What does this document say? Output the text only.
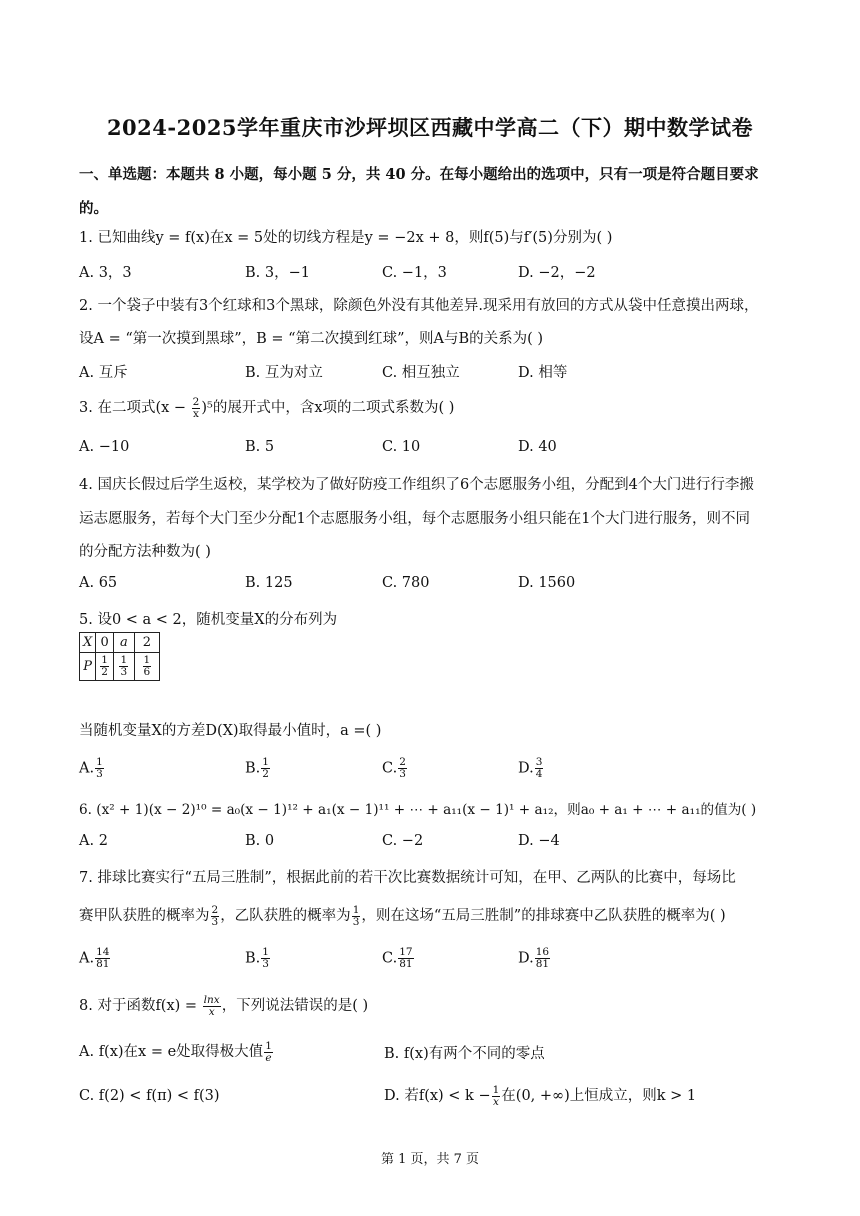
2024-2025学年重庆市沙坪坝区西藏中学高二（下）期中数学试卷
一、单选题：本题共 8 小题，每小题 5 分，共 40 分。在每小题给出的选项中，只有一项是符合题目要求的。
1. 已知曲线y = f(x)在x = 5处的切线方程是y = −2x + 8，则f(5)与f′(5)分别为( )
A. 3，3	B. 3，−1	C. −1，3	D. −2，−2
2. 一个袋子中装有3个红球和3个黑球，除颜色外没有其他差异.现采用有放回的方式从袋中任意摸出两球，
设A = “第一次摸到黑球”，B = “第二次摸到红球”，则A与B的关系为( )
A. 互斥	B. 互为对立	C. 相互独立	D. 相等
3. 在二项式$(x - \frac{2}{x} )^5$的展开式中，含x项的二项式系数为( )
A. −10	B. 5	C. 10	D. 40
4. 国庆长假过后学生返校，某学校为了做好防疫工作组织了6个志愿服务小组，分配到4个大门进行行李搬
运志愿服务，若每个大门至少分配1个志愿服务小组，每个志愿服务小组只能在1个大门进行服务，则不同
的分配方法种数为( )
A. 65	B. 125	C. 780	D. 1560
5. 设0 < a < 2，随机变量X的分布列为
X	0	a	2
P	$\frac{1}{2}$	$\frac{1}{3}$	$\frac{1}{6}$
当随机变量X的方差D(X)取得最小值时，a =( )
A. $\frac{1}{3}$	B. $\frac{1}{2}$	C. $\frac{2}{3}$	D. $\frac{3}{4}$
6. (x² + 1)(x − 2)¹⁰ = a₀(x − 1)¹² + a₁(x − 1)¹¹ + ⋯ + a₁₁(x − 1)¹ + a₁₂，则a₀ + a₁ + ⋯ + a₁₁的值为( )
A. 2	B. 0	C. −2	D. −4
7. 排球比赛实行“五局三胜制”，根据此前的若干次比赛数据统计可知，在甲、乙两队的比赛中，每场比
赛甲队获胜的概率为 $\frac{2}{3}$ ，乙队获胜的概率为 $\frac{1}{3}$ ，则在这场“五局三胜制”的排球赛中乙队获胜的概率为( )
A. $\frac{14}{81}$	B. $\frac{1}{3}$	C. $\frac{17}{81}$	D. $\frac{16}{81}$
8. 对于函数$f(x) = \frac{\ln x}{x}$ ，下列说法错误的是( )
A. f(x)在x = e处取得极大值 $\frac{1}{e}$	B. f(x)有两个不同的零点
C. f(2) < f(π) < f(3)	D. 若$f(x) < k - \frac{1}{x}$ 在(0, +∞)上恒成立，则k > 1
第 1 页，共 7 页
